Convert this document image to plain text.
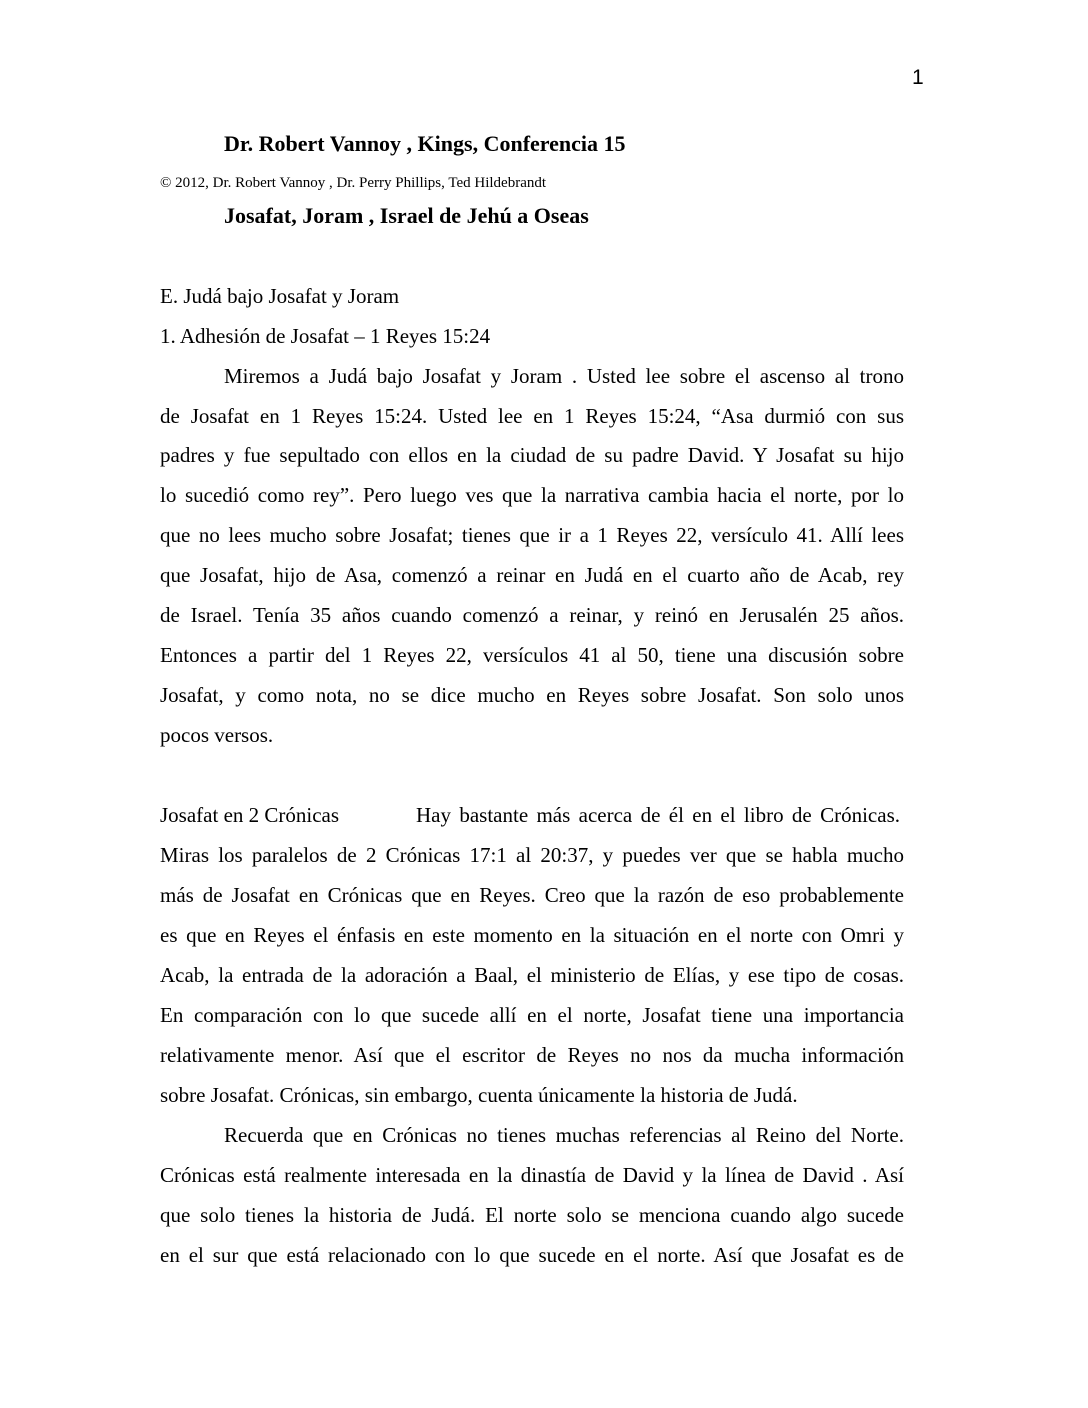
1
Dr. Robert Vannoy , Kings, Conferencia 15
© 2012, Dr. Robert Vannoy , Dr. Perry Phillips, Ted Hildebrandt
Josafat, Joram , Israel de Jehú a Oseas
E. Judá bajo Josafat y Joram
1. Adhesión de Josafat – 1 Reyes 15:24
Miremos a Judá bajo Josafat y Joram . Usted lee sobre el ascenso al trono
de Josafat en 1 Reyes 15:24. Usted lee en 1 Reyes 15:24, “Asa durmió con sus
padres y fue sepultado con ellos en la ciudad de su padre David. Y Josafat su hijo
lo sucedió como rey”. Pero luego ves que la narrativa cambia hacia el norte, por lo
que no lees mucho sobre Josafat; tienes que ir a 1 Reyes 22, versículo 41. Allí lees
que Josafat, hijo de Asa, comenzó a reinar en Judá en el cuarto año de Acab, rey
de Israel. Tenía 35 años cuando comenzó a reinar, y reinó en Jerusalén 25 años.
Entonces a partir del 1 Reyes 22, versículos 41 al 50, tiene una discusión sobre
Josafat, y como nota, no se dice mucho en Reyes sobre Josafat. Son solo unos
pocos versos.
Josafat en 2 Crónicas	Hay bastante más acerca de él en el libro de Crónicas.
Miras los paralelos de 2 Crónicas 17:1 al 20:37, y puedes ver que se habla mucho
más de Josafat en Crónicas que en Reyes. Creo que la razón de eso probablemente
es que en Reyes el énfasis en este momento en la situación en el norte con Omri y
Acab, la entrada de la adoración a Baal, el ministerio de Elías, y ese tipo de cosas.
En comparación con lo que sucede allí en el norte, Josafat tiene una importancia
relativamente menor. Así que el escritor de Reyes no nos da mucha información
sobre Josafat. Crónicas, sin embargo, cuenta únicamente la historia de Judá.
Recuerda que en Crónicas no tienes muchas referencias al Reino del Norte.
Crónicas está realmente interesada en la dinastía de David y la línea de David . Así
que solo tienes la historia de Judá. El norte solo se menciona cuando algo sucede
en el sur que está relacionado con lo que sucede en el norte. Así que Josafat es de
